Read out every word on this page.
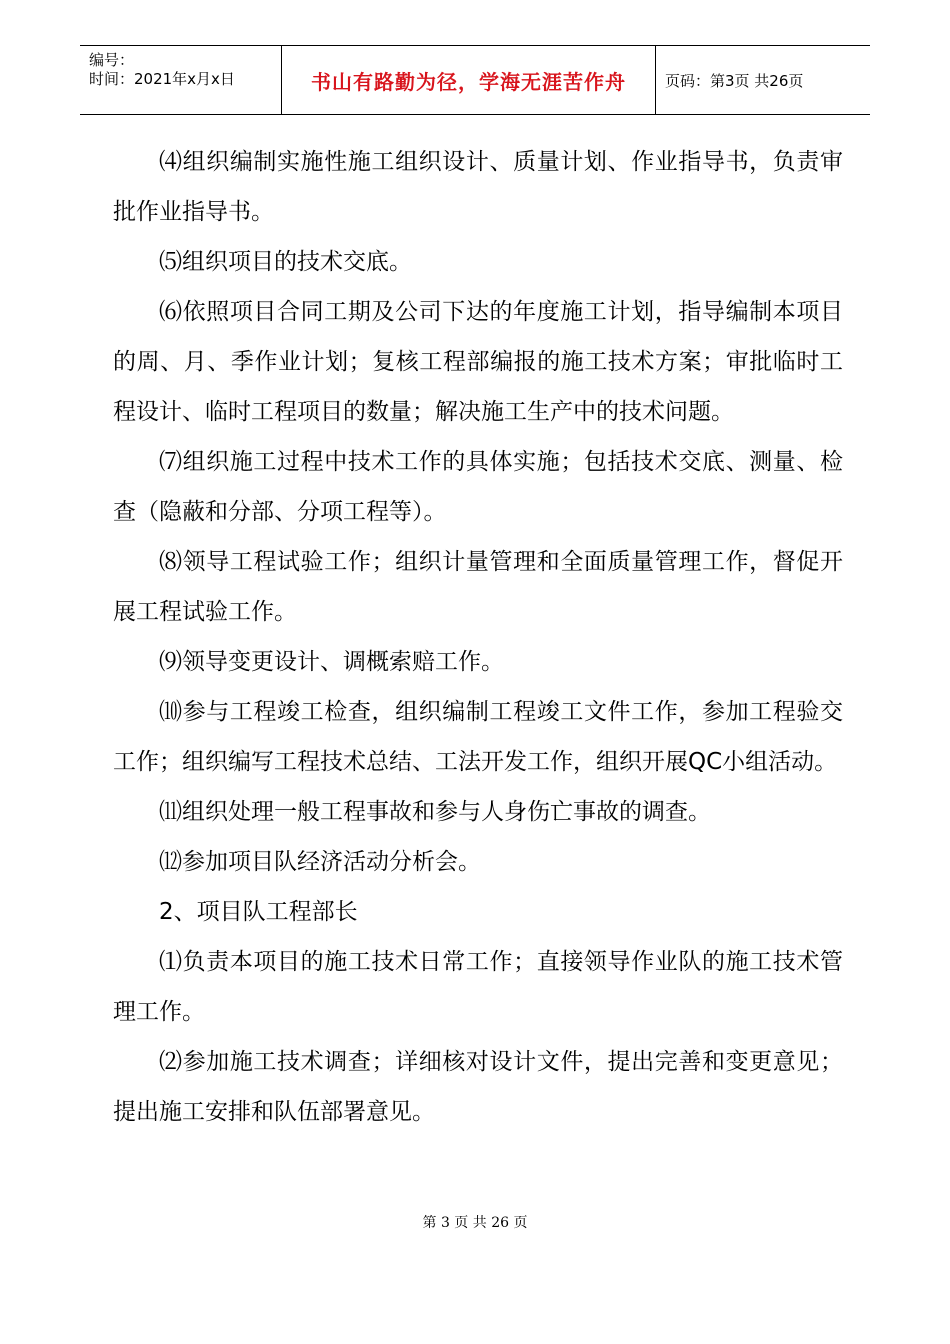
编号：
时间：2021年x月x日	书山有路勤为径，学海无涯苦作舟	页码：第3页 共26页

⑷组织编制实施性施工组织设计、质量计划、作业指导书，负责审批作业指导书。

⑸组织项目的技术交底。

⑹依照项目合同工期及公司下达的年度施工计划，指导编制本项目的周、月、季作业计划；复核工程部编报的施工技术方案；审批临时工程设计、临时工程项目的数量；解决施工生产中的技术问题。

⑺组织施工过程中技术工作的具体实施；包括技术交底、测量、检查（隐蔽和分部、分项工程等）。

⑻领导工程试验工作；组织计量管理和全面质量管理工作，督促开展工程试验工作。

⑼领导变更设计、调概索赔工作。

⑽参与工程竣工检查，组织编制工程竣工文件工作，参加工程验交工作；组织编写工程技术总结、工法开发工作，组织开展QC小组活动。

⑾组织处理一般工程事故和参与人身伤亡事故的调查。

⑿参加项目队经济活动分析会。

2、项目队工程部长

⑴负责本项目的施工技术日常工作；直接领导作业队的施工技术管理工作。

⑵参加施工技术调查；详细核对设计文件，提出完善和变更意见；提出施工安排和队伍部署意见。

第 3 页 共 26 页
